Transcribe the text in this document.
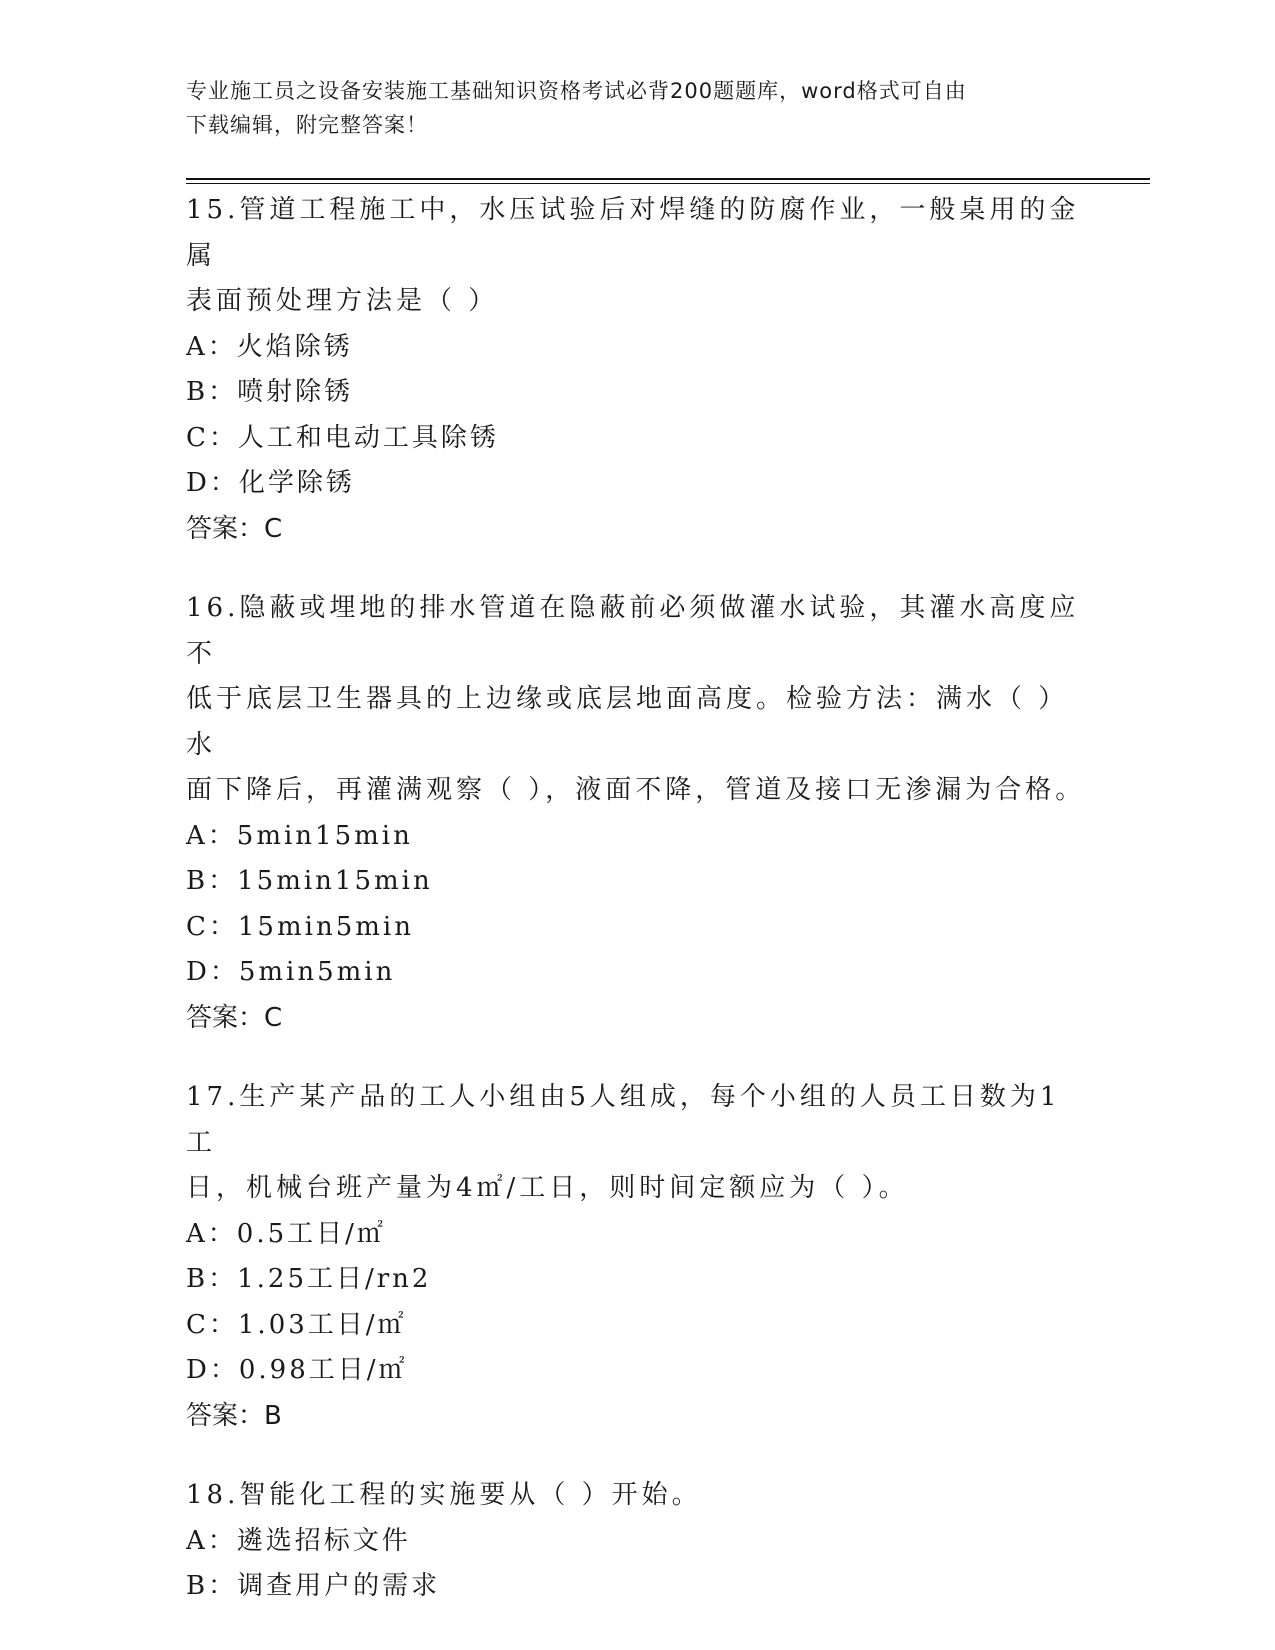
专业施工员之设备安装施工基础知识资格考试必背200题题库，word格式可自由
下载编辑，附完整答案！

15.管道工程施工中，水压试验后对焊缝的防腐作业，一般桌用的金属

表面预处理方法是（ ）

A：火焰除锈

B：喷射除锈

C：人工和电动工具除锈

D：化学除锈

答案：C

16.隐蔽或埋地的排水管道在隐蔽前必须做灌水试验，其灌水高度应不

低于底层卫生器具的上边缘或底层地面高度。检验方法：满水（ ）水

面下降后，再灌满观察（ ），液面不降，管道及接口无渗漏为合格。

A：5min15min

B：15min15min

C：15min5min

D：5min5min

答案：C

17.生产某产品的工人小组由5人组成，每个小组的人员工日数为1工

日，机械台班产量为4㎡/工日，则时间定额应为（ ）。

A：0.5工日/㎡

B：1.25工日/rn2

C：1.03工日/㎡

D：0.98工日/㎡

答案：B

18.智能化工程的实施要从（ ）开始。

A：遴选招标文件

B：调查用户的需求
